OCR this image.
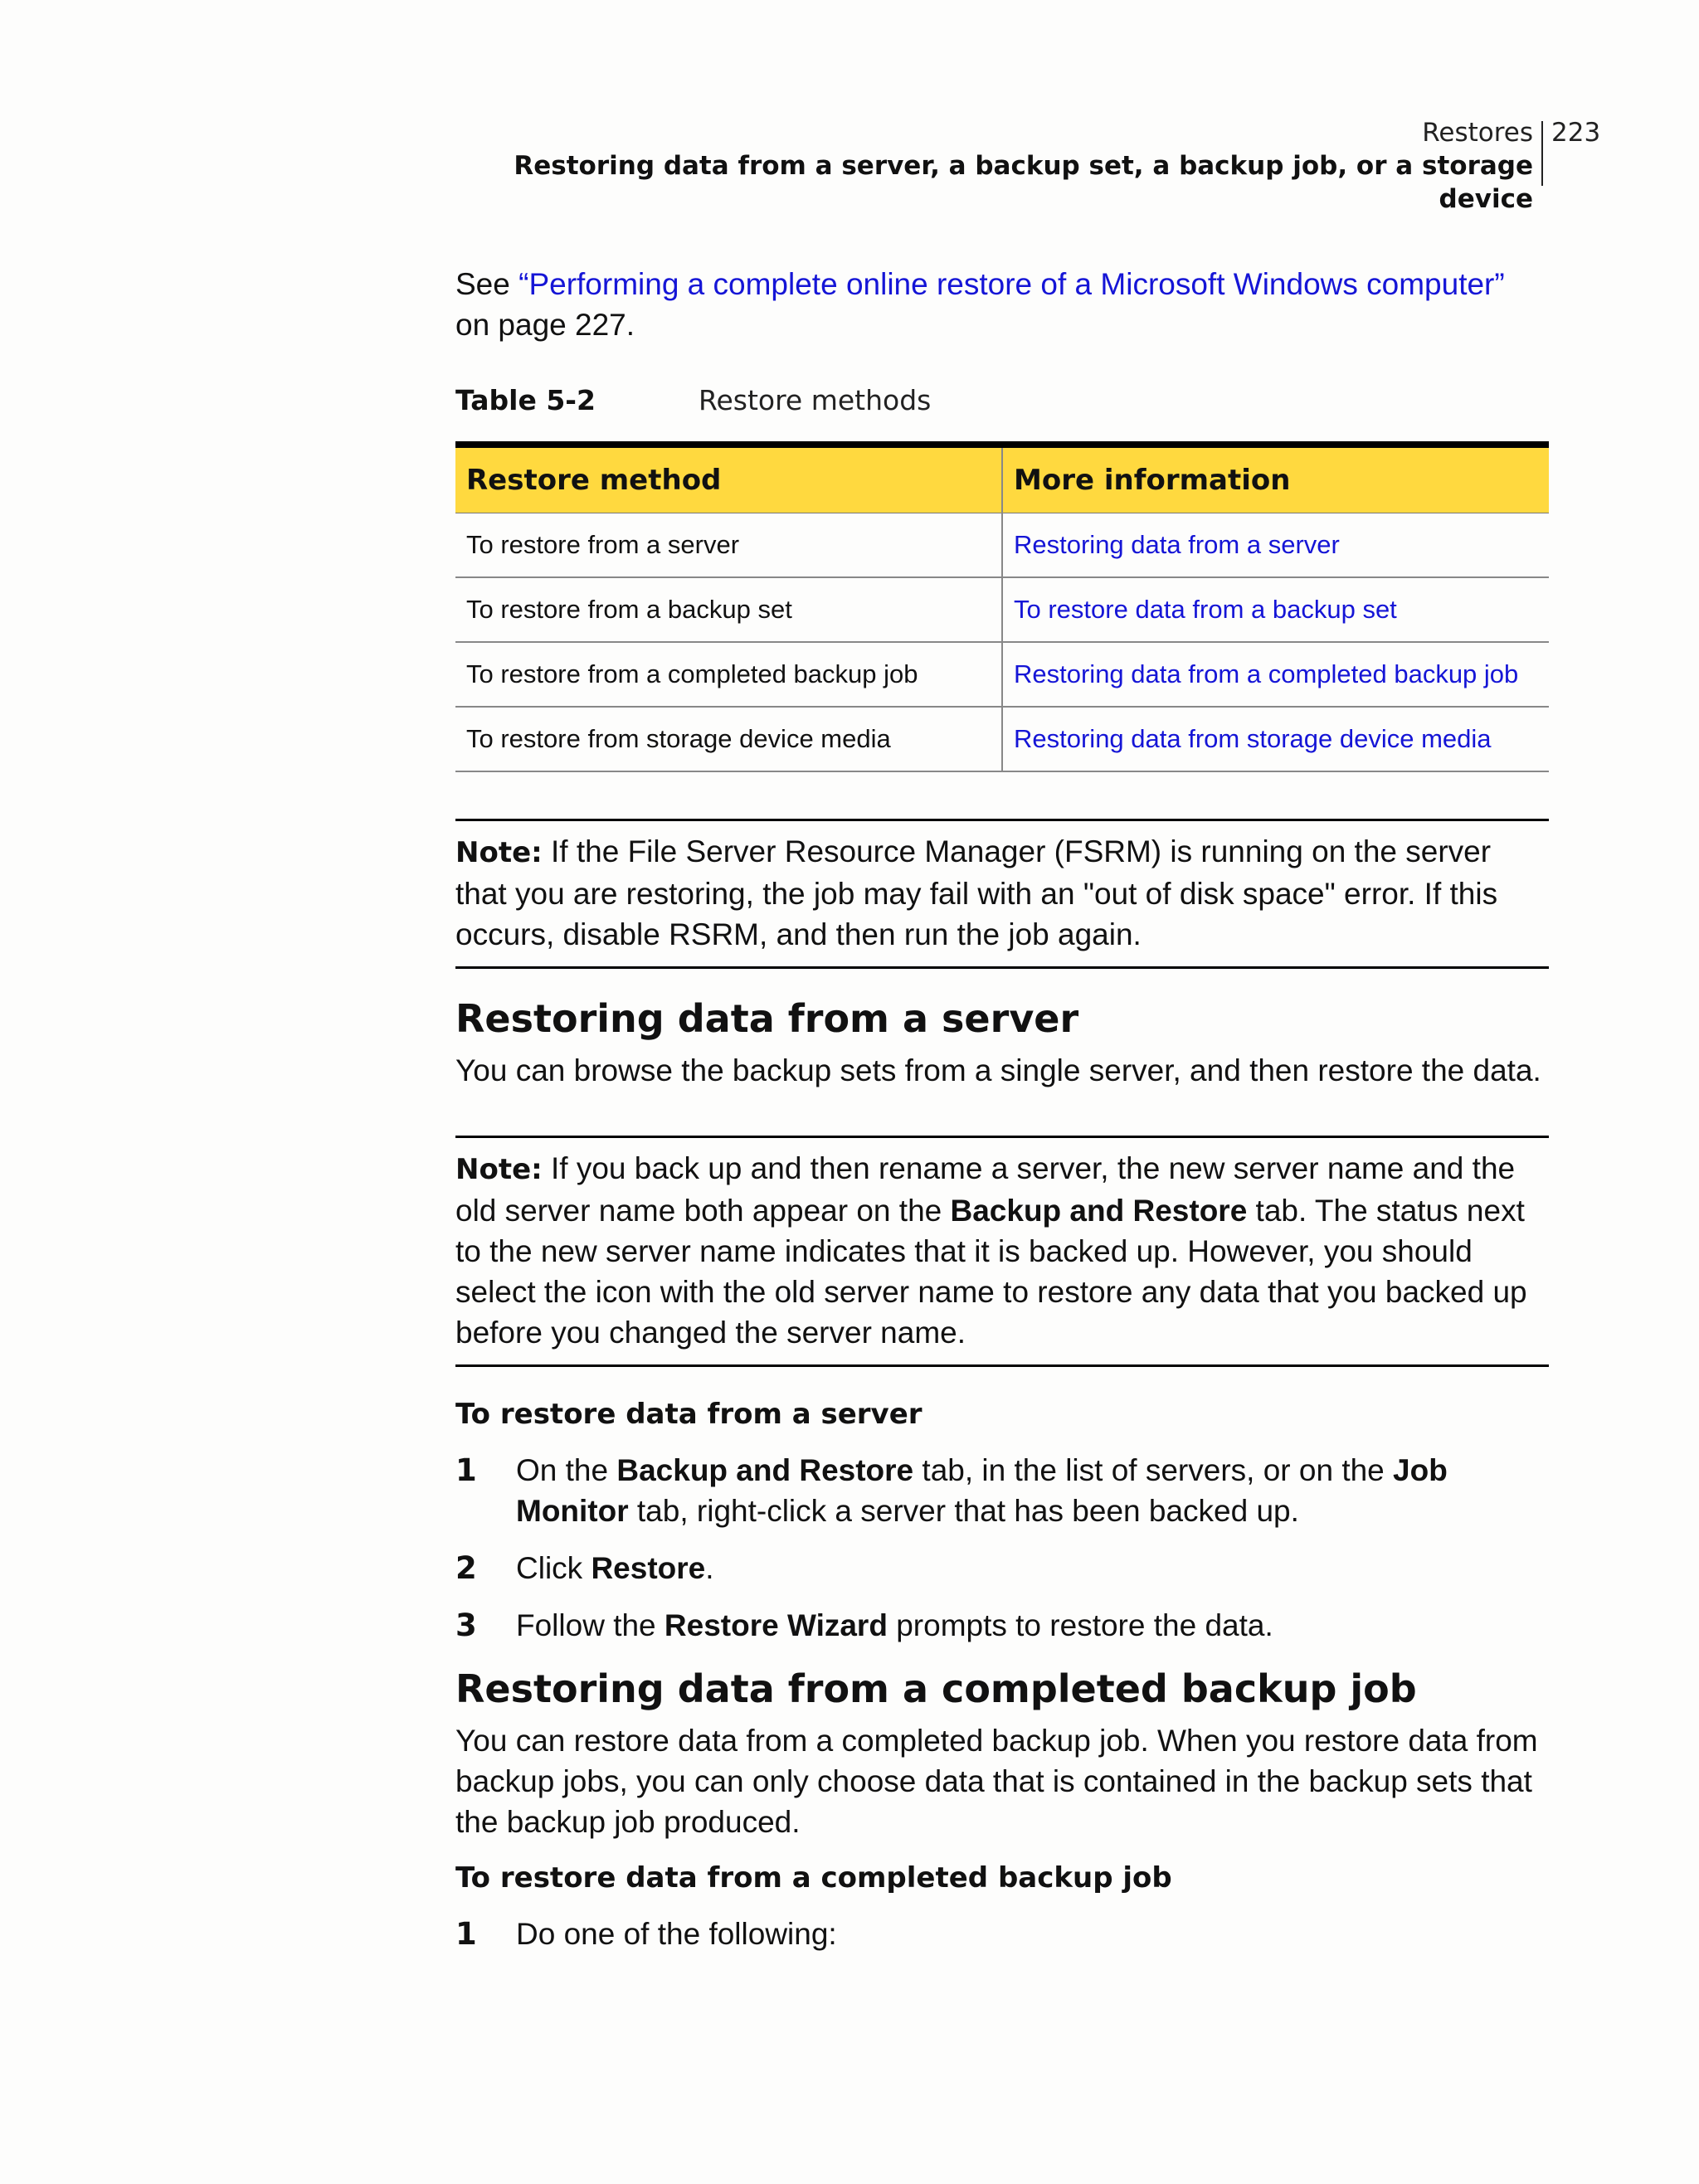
Restores
Restoring data from a server, a backup set, a backup job, or a storage device
223

See “Performing a complete online restore of a Microsoft Windows computer”
on page 227.

Table 5-2	Restore methods
Restore method	More information
To restore from a server	Restoring data from a server
To restore from a backup set	To restore data from a backup set
To restore from a completed backup job	Restoring data from a completed backup job
To restore from storage device media	Restoring data from storage device media

Note: If the File Server Resource Manager (FSRM) is running on the server that you are restoring, the job may fail with an "out of disk space" error. If this occurs, disable RSRM, and then run the job again.

Restoring data from a server

You can browse the backup sets from a single server, and then restore the data.

Note: If you back up and then rename a server, the new server name and the old server name both appear on the Backup and Restore tab. The status next to the new server name indicates that it is backed up. However, you should select the icon with the old server name to restore any data that you backed up before you changed the server name.

To restore data from a server

1 On the Backup and Restore tab, in the list of servers, or on the Job Monitor tab, right-click a server that has been backed up.
2 Click Restore.
3 Follow the Restore Wizard prompts to restore the data.
Restoring data from a completed backup job

You can restore data from a completed backup job. When you restore data from backup jobs, you can only choose data that is contained in the backup sets that the backup job produced.

To restore data from a completed backup job

1 Do one of the following:
